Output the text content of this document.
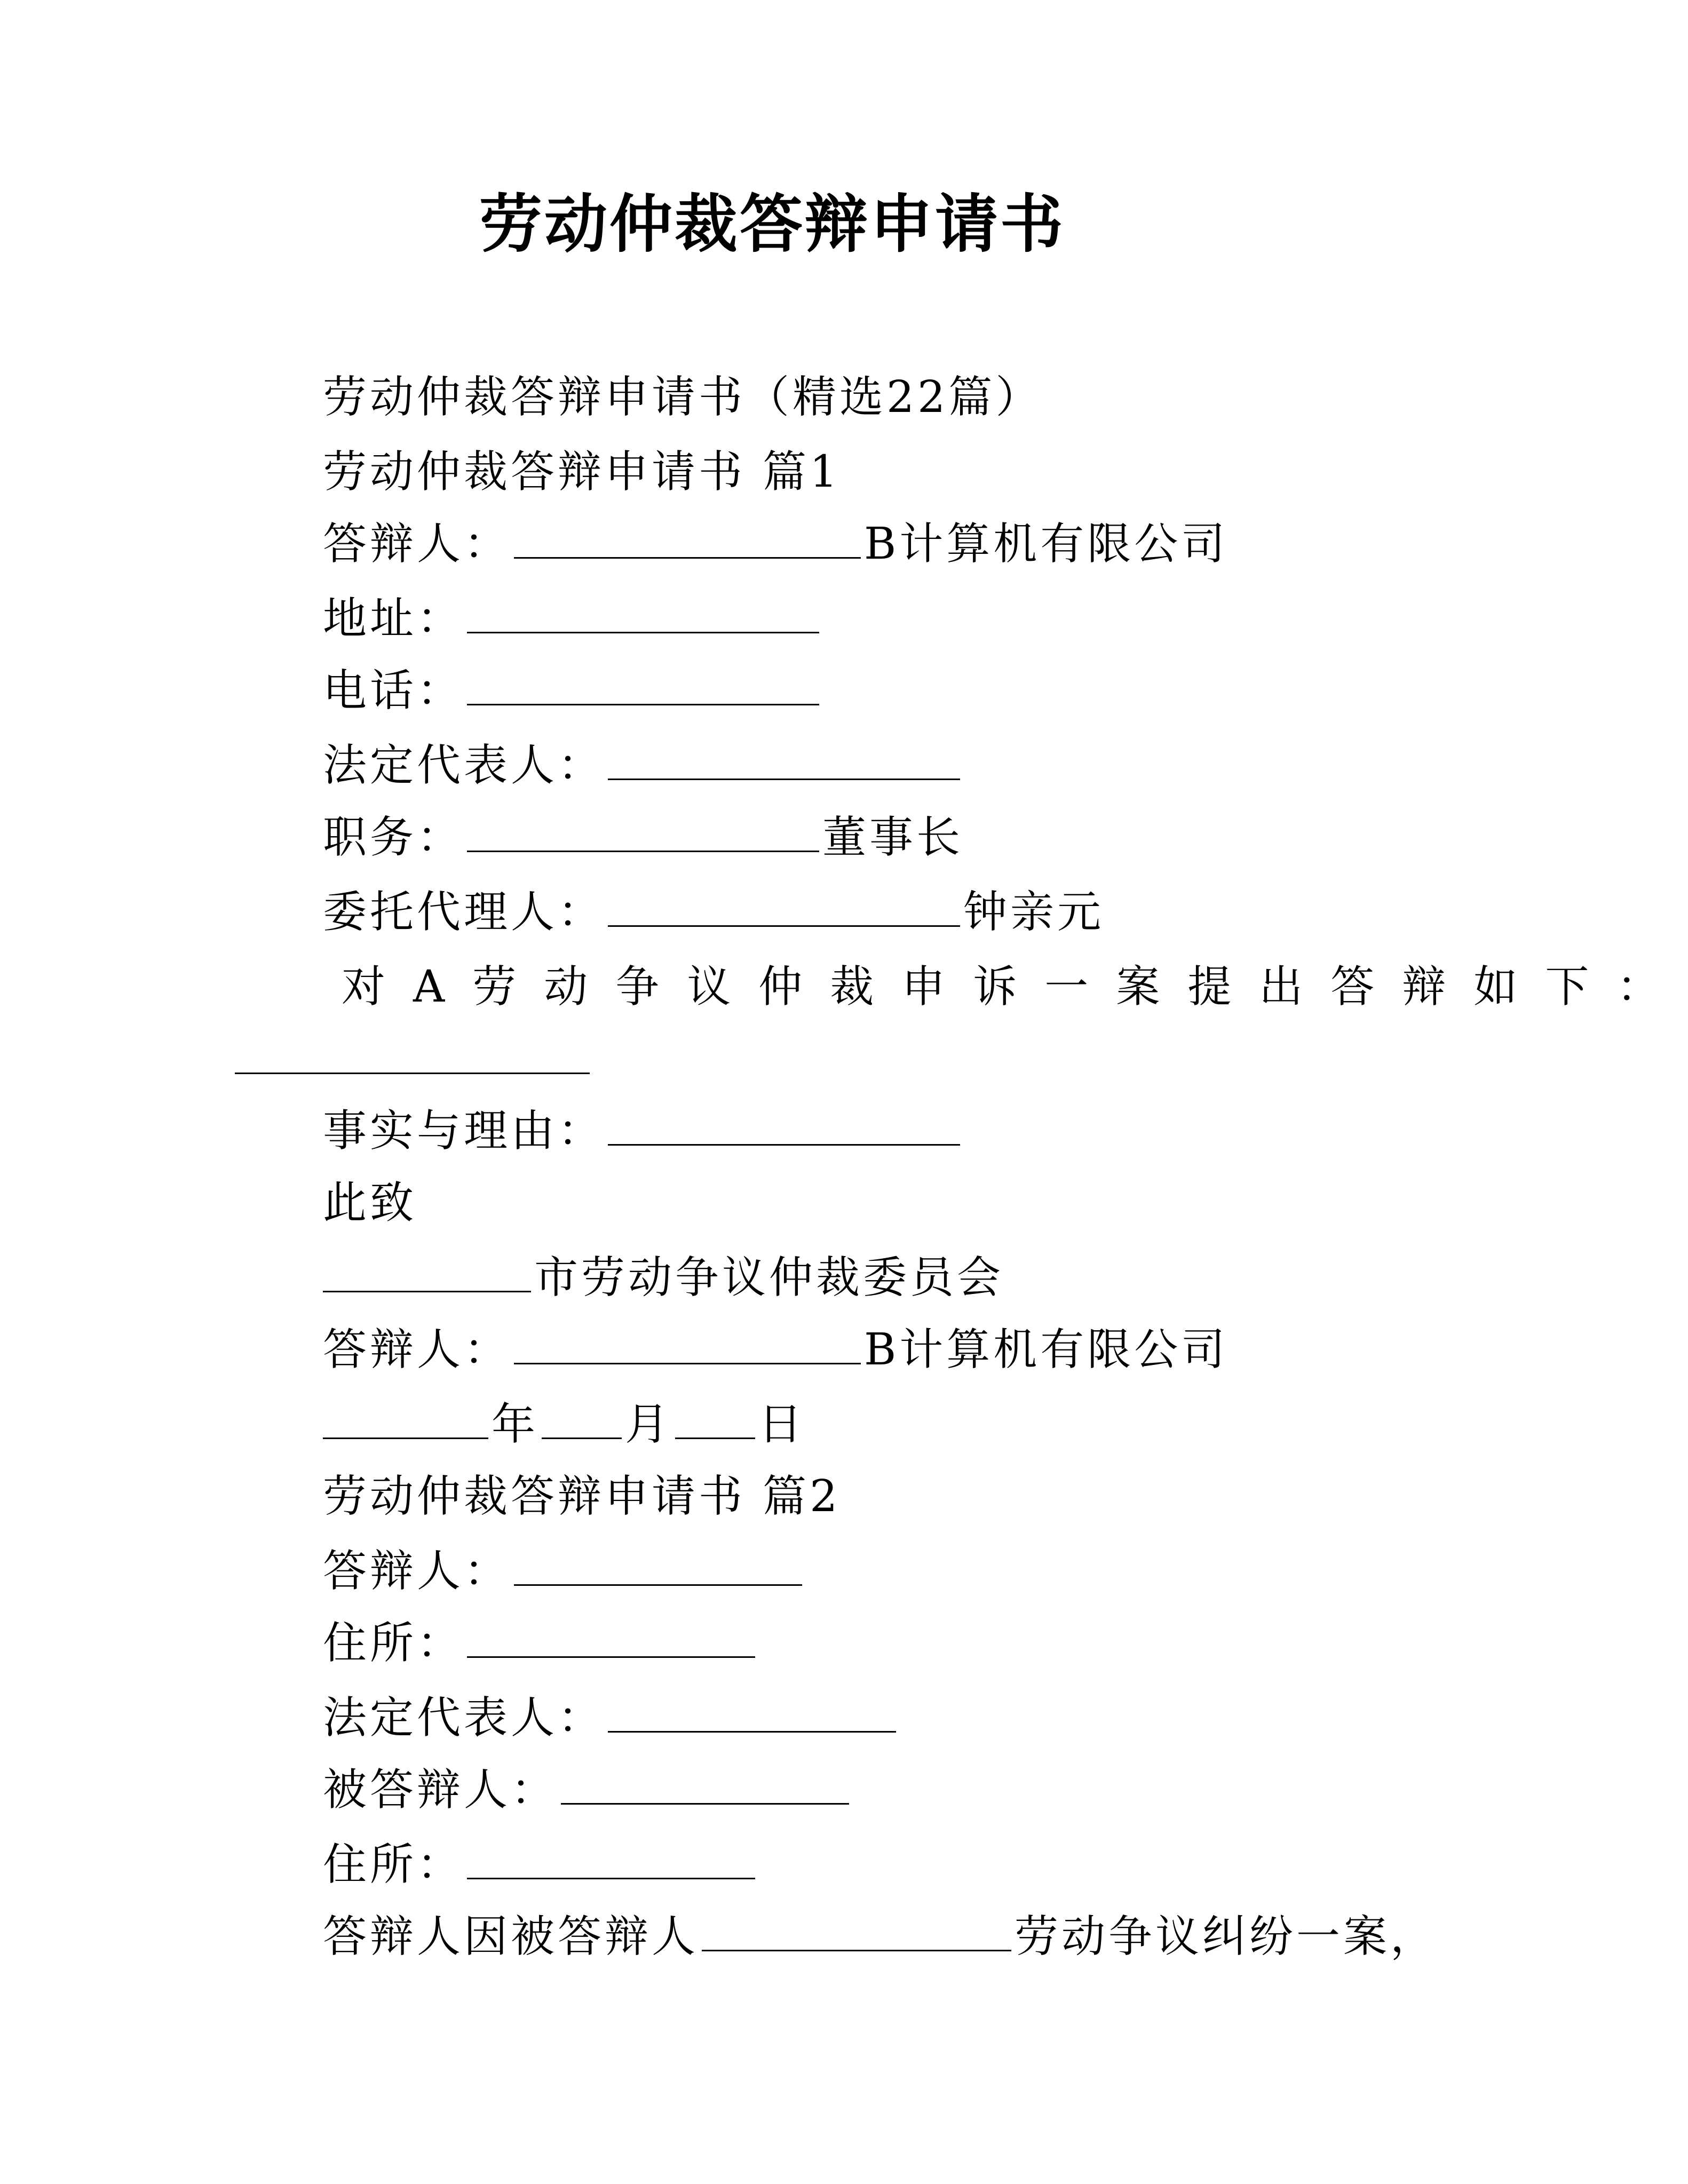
劳动仲裁答辩申请书
劳动仲裁答辩申请书（精选22篇）
劳动仲裁答辩申请书 篇1
答辩人：	B计算机有限公司
地址：
电话：
法定代表人：
职务：	董事长
委托代理人：	钟亲元
对A劳动争议仲裁申诉一案提出答辩如下：
事实与理由：
此致
市劳动争议仲裁委员会
答辩人：	B计算机有限公司
年 月 日
劳动仲裁答辩申请书 篇2
答辩人：
住所：
法定代表人：
被答辩人：
住所：
答辩人因被答辩人	劳动争议纠纷一案，
